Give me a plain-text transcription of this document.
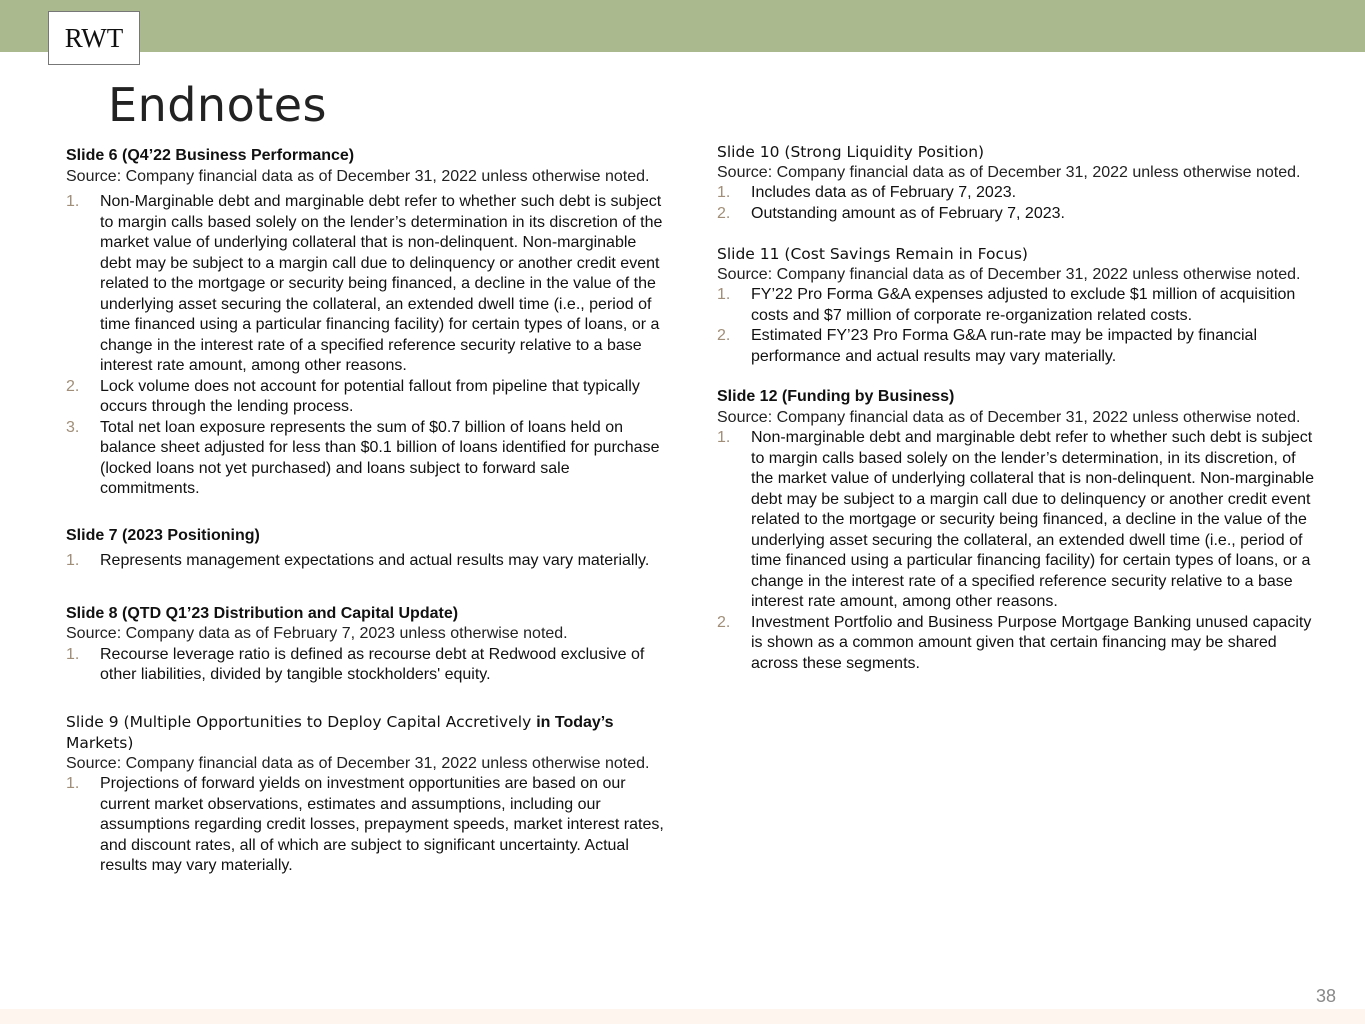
RWT
Endnotes
Slide 6 (Q4’22 Business Performance)
Source: Company financial data as of December 31, 2022 unless otherwise noted.
1. Non-Marginable debt and marginable debt refer to whether such debt is subject to margin calls based solely on the lender’s determination in its discretion of the market value of underlying collateral that is non-delinquent. Non-marginable debt may be subject to a margin call due to delinquency or another credit event related to the mortgage or security being financed, a decline in the value of the underlying asset securing the collateral, an extended dwell time (i.e., period of time financed using a particular financing facility) for certain types of loans, or a change in the interest rate of a specified reference security relative to a base interest rate amount, among other reasons.
2. Lock volume does not account for potential fallout from pipeline that typically occurs through the lending process.
3. Total net loan exposure represents the sum of $0.7 billion of loans held on balance sheet adjusted for less than $0.1 billion of loans identified for purchase (locked loans not yet purchased) and loans subject to forward sale commitments.
Slide 7 (2023 Positioning)
1. Represents management expectations and actual results may vary materially.
Slide 8 (QTD Q1’23 Distribution and Capital Update)
Source: Company data as of February 7, 2023 unless otherwise noted.
1. Recourse leverage ratio is defined as recourse debt at Redwood exclusive of other liabilities, divided by tangible stockholders' equity.
Slide 9 (Multiple Opportunities to Deploy Capital Accretively in Today’s Markets)
Source: Company financial data as of December 31, 2022 unless otherwise noted.
1. Projections of forward yields on investment opportunities are based on our current market observations, estimates and assumptions, including our assumptions regarding credit losses, prepayment speeds, market interest rates, and discount rates, all of which are subject to significant uncertainty. Actual results may vary materially.
Slide 10 (Strong Liquidity Position)
Source: Company financial data as of December 31, 2022 unless otherwise noted.
1. Includes data as of February 7, 2023.
2. Outstanding amount as of February 7, 2023.
Slide 11 (Cost Savings Remain in Focus)
Source: Company financial data as of December 31, 2022 unless otherwise noted.
1. FY’22 Pro Forma G&A expenses adjusted to exclude $1 million of acquisition costs and $7 million of corporate re-organization related costs.
2. Estimated FY’23 Pro Forma G&A run-rate may be impacted by financial performance and actual results may vary materially.
Slide 12 (Funding by Business)
Source: Company financial data as of December 31, 2022 unless otherwise noted.
1. Non-marginable debt and marginable debt refer to whether such debt is subject to margin calls based solely on the lender’s determination, in its discretion, of the market value of underlying collateral that is non-delinquent. Non-marginable debt may be subject to a margin call due to delinquency or another credit event related to the mortgage or security being financed, a decline in the value of the underlying asset securing the collateral, an extended dwell time (i.e., period of time financed using a particular financing facility) for certain types of loans, or a change in the interest rate of a specified reference security relative to a base interest rate amount, among other reasons.
2. Investment Portfolio and Business Purpose Mortgage Banking unused capacity is shown as a common amount given that certain financing may be shared across these segments.
38
